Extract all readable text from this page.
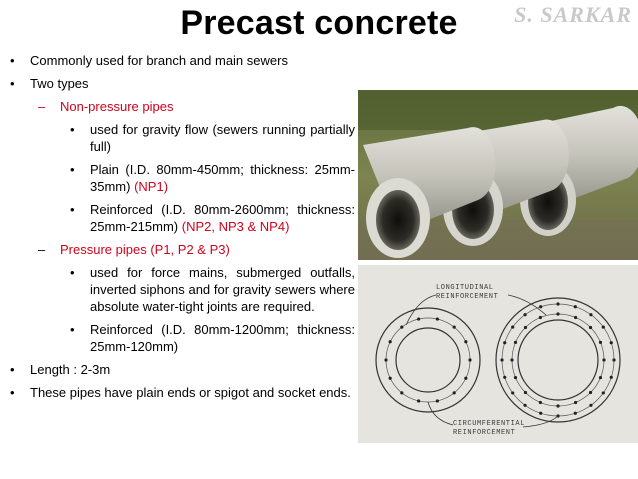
Precast concrete	S. SARKAR
• Commonly used for branch and main sewers
• Two types
– Non-pressure pipes
• used for gravity flow (sewers running partially full)
• Plain (I.D. 80mm-450mm; thickness: 25mm-35mm) (NP1)
• Reinforced (I.D. 80mm-2600mm; thickness: 25mm-215mm) (NP2, NP3 & NP4)
– Pressure pipes (P1, P2 & P3)
• used for force mains, submerged outfalls, inverted siphons and for gravity sewers where absolute water-tight joints are required.
• Reinforced (I.D. 80mm-1200mm; thickness: 25mm-120mm)
• Length : 2-3m
• These pipes have plain ends or spigot and socket ends.
LONGITUDINAL
REINFORCEMENT
CIRCUMFERENTIAL
REINFORCEMENT
